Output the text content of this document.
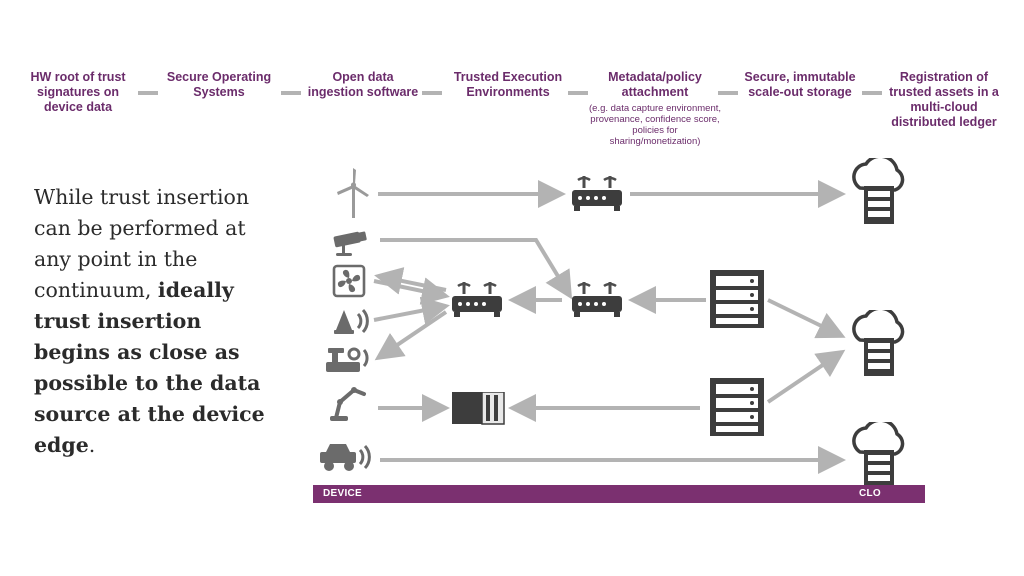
HW root of trust signatures on device data
Secure Operating Systems
Open data ingestion software
Trusted Execution Environments
Metadata/policy attachment
(e.g. data capture environment, provenance, confidence score, policies for sharing/monetization)
Secure, immutable scale-out storage
Registration of trusted assets in a multi-cloud distributed ledger
While trust insertion can be performed at any point in the continuum, ideally trust insertion begins as close as possible to the data source at the device edge.
DEVICE	CLO
